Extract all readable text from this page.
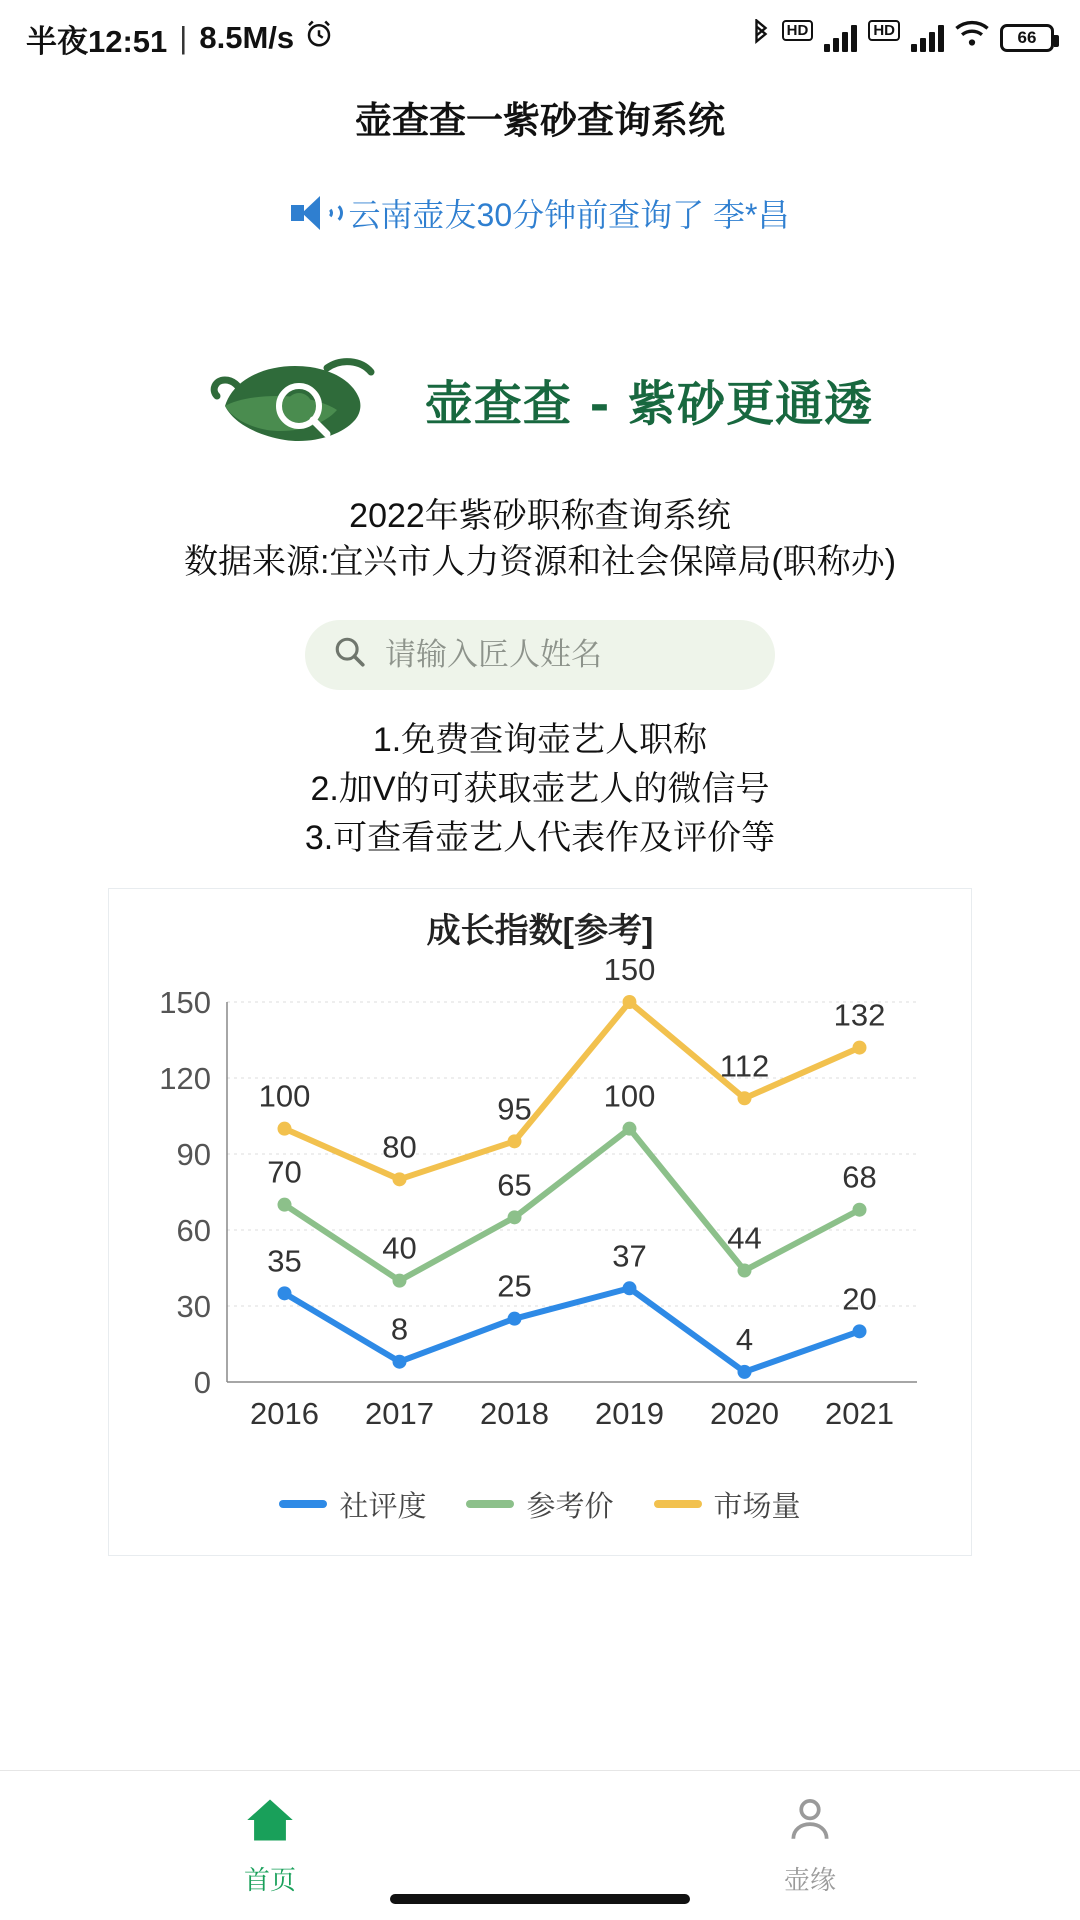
半夜12:51 | 8.5M/s	HD	HD	66
壶查查一紫砂查询系统
云南壶友30分钟前查询了 李*昌
壶查查 - 紫砂更通透
2022年紫砂职称查询系统
数据来源:宜兴市人力资源和社会保障局(职称办)
请输入匠人姓名
1.免费查询壶艺人职称
2.加V的可获取壶艺人的微信号
3.可查看壶艺人代表作及评价等
成长指数[参考]
0
30
60
90
120
150
2016 2017 2018 2019 2020 2021
35
8
25
37
4
20
70
40
65
100
44
68
100
80
95
150
112
132
社评度	参考价	市场量
首页	壶缘
